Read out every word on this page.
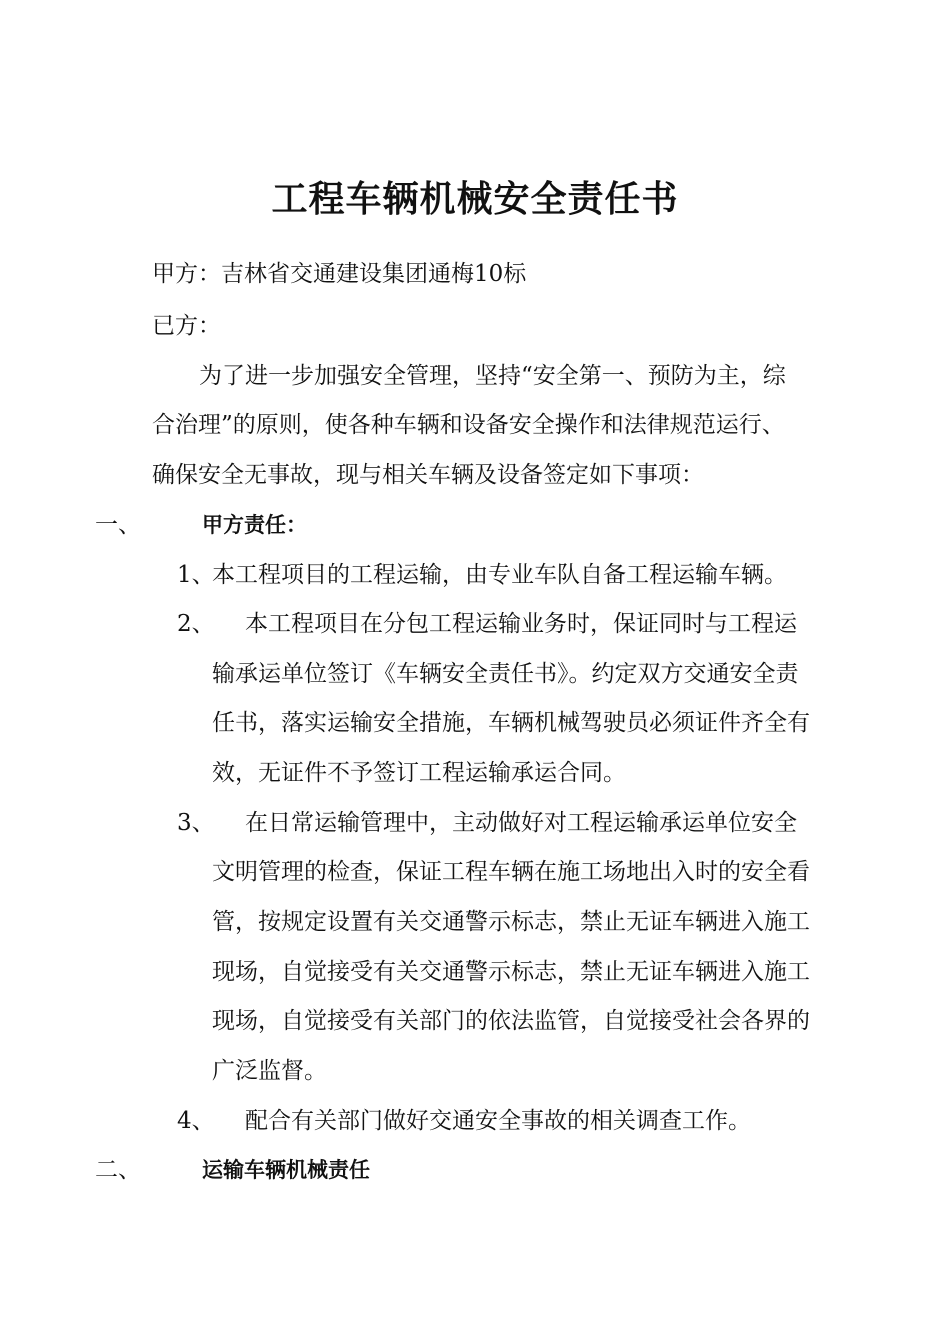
工程车辆机械安全责任书
甲方：吉林省交通建设集团通梅10标
已方：
为了进一步加强安全管理，坚持“安全第一、预防为主，综
合治理”的原则，使各种车辆和设备安全操作和法律规范运行、
确保安全无事故，现与相关车辆及设备签定如下事项：
一、	甲方责任：
1、
本工程项目的工程运输，由专业车队自备工程运输车辆。
2、 本工程项目在分包工程运输业务时，保证同时与工程运
输承运单位签订《车辆安全责任书》。约定双方交通安全责
任书，落实运输安全措施，车辆机械驾驶员必须证件齐全有
效，无证件不予签订工程运输承运合同。
3、 在日常运输管理中，主动做好对工程运输承运单位安全
文明管理的检查，保证工程车辆在施工场地出入时的安全看
管，按规定设置有关交通警示标志，禁止无证车辆进入施工
现场，自觉接受有关交通警示标志，禁止无证车辆进入施工
现场，自觉接受有关部门的依法监管，自觉接受社会各界的
广泛监督。
4、 配合有关部门做好交通安全事故的相关调查工作。
二、	运输车辆机械责任
